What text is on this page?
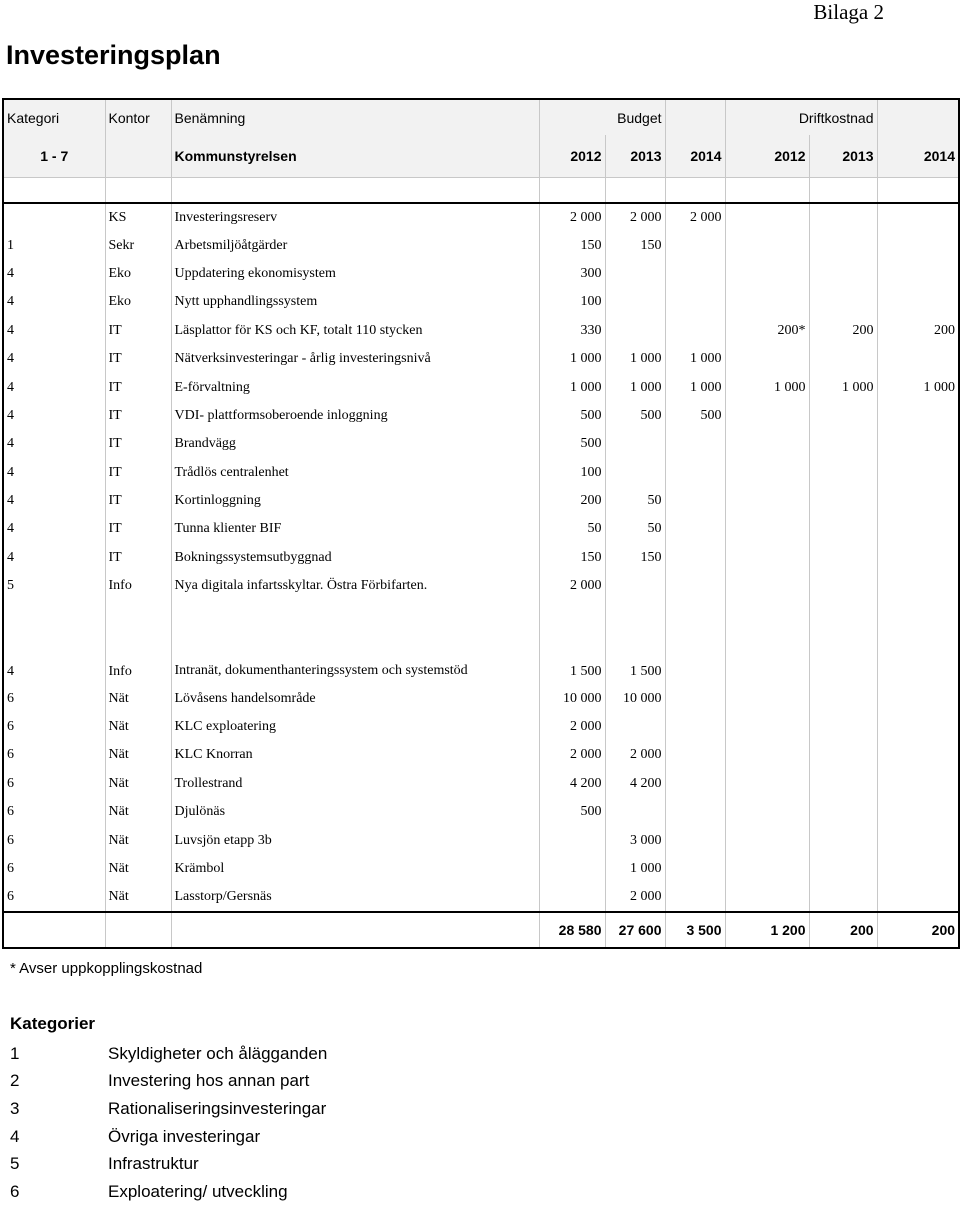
Bilaga 2
Investeringsplan
Kategori	Kontor	Benämning	Budget			Driftkostnad		
1 - 7		Kommunstyrelsen	2012	2013	2014	2012	2013	2014

	KS	Investeringsreserv	2 000	2 000	2 000			
1	Sekr	Arbetsmiljöåtgärder	150	150				
4	Eko	Uppdatering ekonomisystem	300					
4	Eko	Nytt upphandlingssystem	100					
4	IT	Läsplattor för KS och KF, totalt 110 stycken	330			200*	200	200
4	IT	Nätverksinvesteringar - årlig investeringsnivå	1 000	1 000	1 000			
4	IT	E-förvaltning	1 000	1 000	1 000	1 000	1 000	1 000
4	IT	VDI- plattformsoberoende inloggning	500	500	500			
4	IT	Brandvägg	500					
4	IT	Trådlös centralenhet	100					
4	IT	Kortinloggning	200	50				
4	IT	Tunna klienter BIF	50	50				
4	IT	Bokningssystemsutbyggnad	150	150				
5	Info	Nya digitala infartsskyltar. Östra Förbifarten.	2 000					

4	Info	Intranät, dokumenthanteringssystem och systemstöd	1 500	1 500				
6	Nät	Lövåsens handelsområde	10 000	10 000				
6	Nät	KLC exploatering	2 000					
6	Nät	KLC Knorran	2 000	2 000				
6	Nät	Trollestrand	4 200	4 200				
6	Nät	Djulönäs	500					
6	Nät	Luvsjön etapp 3b		3 000				
6	Nät	Krämbol		1 000				
6	Nät	Lasstorp/Gersnäs		2 000				
			28 580	27 600	3 500	1 200	200	200
* Avser uppkopplingskostnad
Kategorier
1	Skyldigheter och ålägganden
2	Investering hos annan part
3	Rationaliseringsinvesteringar
4	Övriga investeringar
5	Infrastruktur
6	Exploatering/ utveckling
